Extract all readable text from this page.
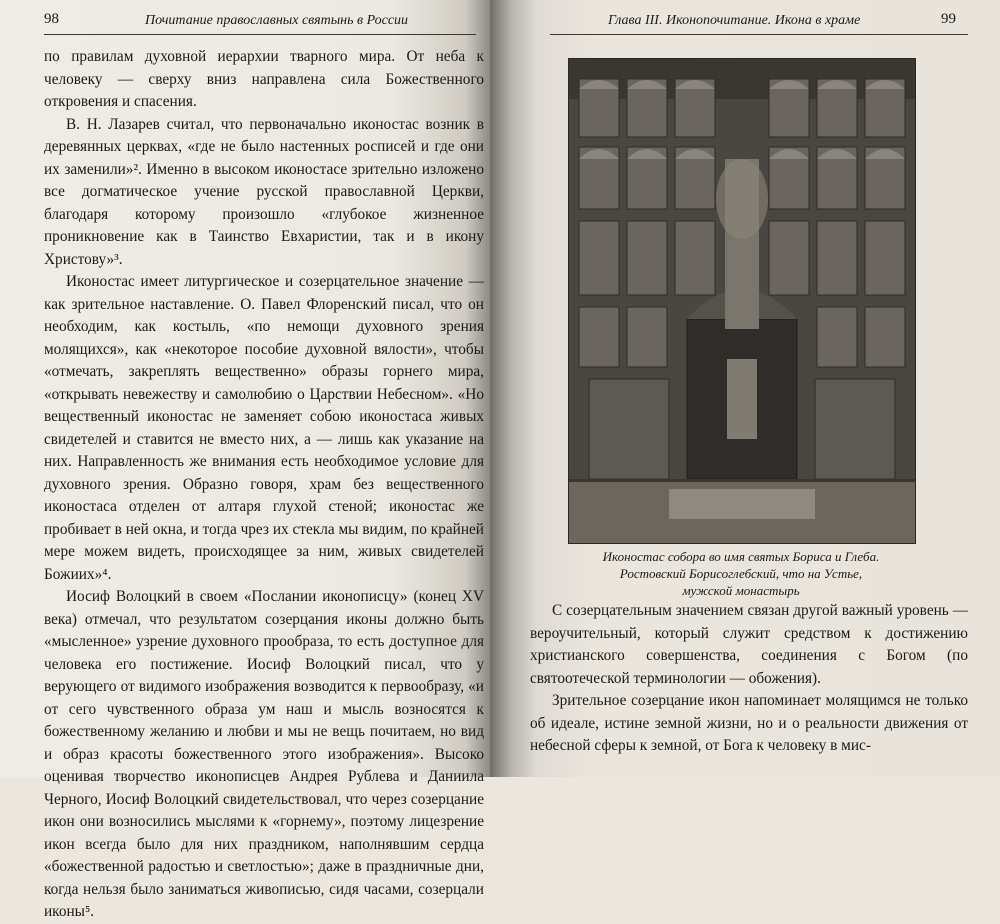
98	Почитание православных святынь в России

по правилам духовной иерархии тварного мира. От неба к человеку — сверху вниз направлена сила Божественного откровения и спасения.

В. Н. Лазарев считал, что первоначально иконостас возник в деревянных церквах, «где не было настенных росписей и где они их заменили»². Именно в высоком иконостасе зрительно изложено все догматическое учение русской православной Церкви, благодаря которому произошло «глубокое жизненное проникновение как в Таинство Евхаристии, так и в икону Христову»³.

Иконостас имеет литургическое и созерцательное значение — как зрительное наставление. О. Павел Флоренский писал, что он необходим, как костыль, «по немощи духовного зрения молящихся», как «некоторое пособие духовной вялости», чтобы «отмечать, закреплять вещественно» образы горнего мира, «открывать невежеству и самолюбию о Царствии Небесном». «Но вещественный иконостас не заменяет собою иконостаса живых свидетелей и ставится не вместо них, а — лишь как указание на них. Направленность же внимания есть необходимое условие для духовного зрения. Образно говоря, храм без вещественного иконостаса отделен от алтаря глухой стеной; иконостас же пробивает в ней окна, и тогда чрез их стекла мы видим, по крайней мере можем видеть, происходящее за ним, живых свидетелей Божиих»⁴.

Иосиф Волоцкий в своем «Послании иконописцу» (конец XV века) отмечал, что результатом созерцания иконы должно быть «мысленное» узрение духовного прообраза, то есть доступное для человека его постижение. Иосиф Волоцкий писал, что у верующего от видимого изображения возводится к первообразу, «и от сего чувственного образа ум наш и мысль возносятся к божественному желанию и любви и мы не вещь почитаем, но вид и образ красоты божественного этого изображения». Высоко оценивая творчество иконописцев Андрея Рублева и Даниила Черного, Иосиф Волоцкий свидетельствовал, что через созерцание икон они возносились мыслями к «горнему», поэтому лицезрение икон всегда было для них праздником, наполнявшим сердца «божественной радостью и светлостью»; даже в праздничные дни, когда нельзя было заниматься живописью, сидя часами, созерцали иконы⁵.

Глава III. Иконопочитание. Икона в храме	99
Иконостас собора во имя святых Бориса и Глеба.
Ростовский Борисоглебский, что на Устье,
мужской монастырь

С созерцательным значением связан другой важный уровень — вероучительный, который служит средством к достижению христианского совершенства, соединения с Богом (по святоотеческой терминологии — обожения).

Зрительное созерцание икон напоминает молящимся не только об идеале, истине земной жизни, но и о реальности движения от небесной сферы к земной, от Бога к человеку в мис-
